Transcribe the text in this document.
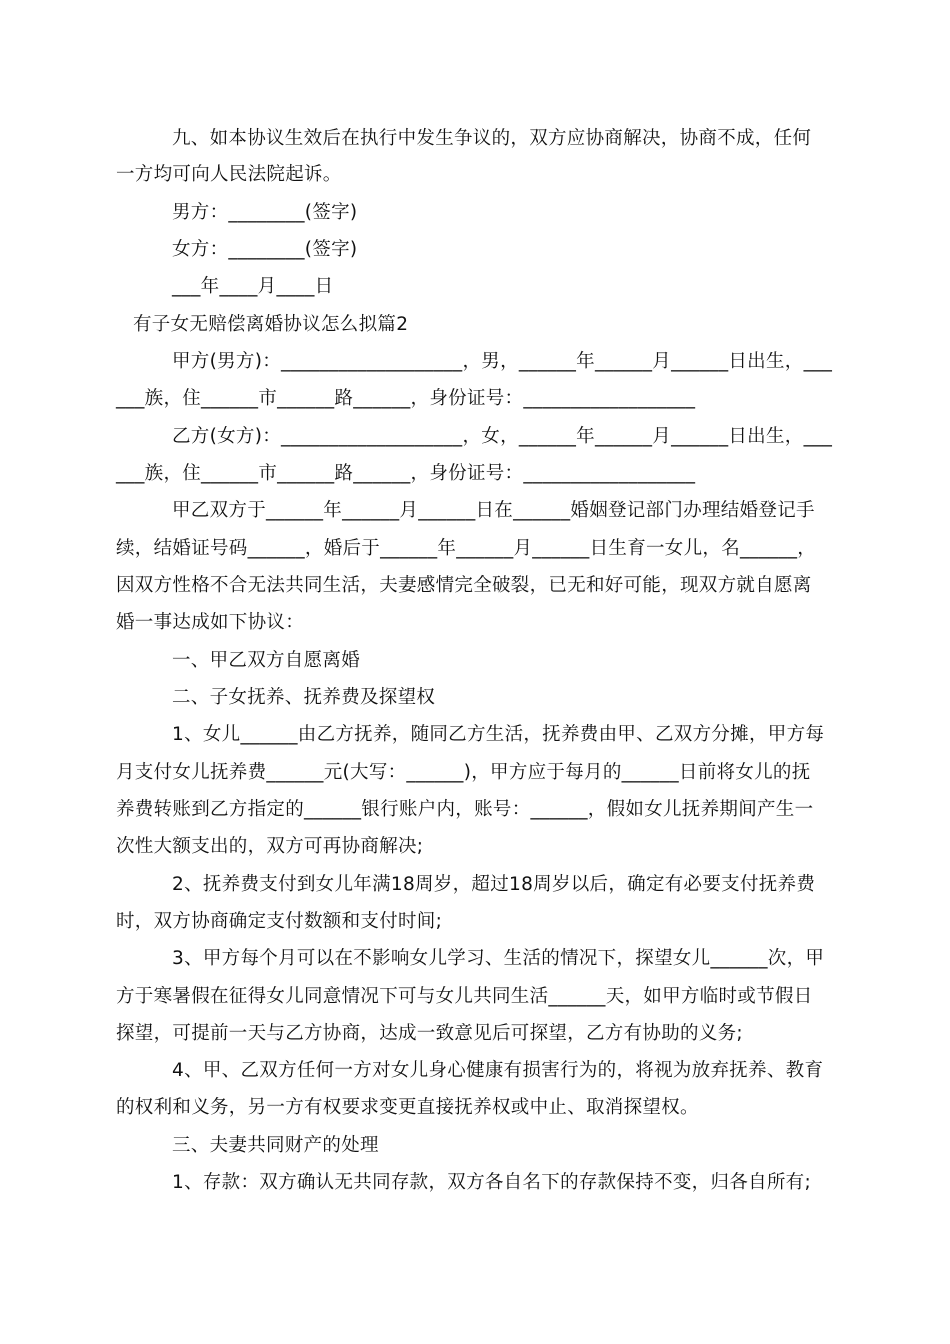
九、如本协议生效后在执行中发生争议的，双方应协商解决，协商不成，任何
一方均可向人民法院起诉。
男方：________(签字)
女方：________(签字)
___年____月____日
有子女无赔偿离婚协议怎么拟篇2
甲方(男方)：___________________，男，______年______月______日出生，___
___族，住______市______路______，身份证号：__________________
乙方(女方)：___________________，女，______年______月______日出生，___
___族，住______市______路______，身份证号：__________________
甲乙双方于______年______月______日在______婚姻登记部门办理结婚登记手
续，结婚证号码______，婚后于______年______月______日生育一女儿，名______，
因双方性格不合无法共同生活，夫妻感情完全破裂，已无和好可能，现双方就自愿离
婚一事达成如下协议：
一、甲乙双方自愿离婚
二、子女抚养、抚养费及探望权
1、女儿______由乙方抚养，随同乙方生活，抚养费由甲、乙双方分摊，甲方每
月支付女儿抚养费______元(大写：______)，甲方应于每月的______日前将女儿的抚
养费转账到乙方指定的______银行账户内，账号：______，假如女儿抚养期间产生一
次性大额支出的，双方可再协商解决;
2、抚养费支付到女儿年满18周岁，超过18周岁以后，确定有必要支付抚养费
时，双方协商确定支付数额和支付时间;
3、甲方每个月可以在不影响女儿学习、生活的情况下，探望女儿______次，甲
方于寒暑假在征得女儿同意情况下可与女儿共同生活______天，如甲方临时或节假日
探望，可提前一天与乙方协商，达成一致意见后可探望，乙方有协助的义务;
4、甲、乙双方任何一方对女儿身心健康有损害行为的，将视为放弃抚养、教育
的权利和义务，另一方有权要求变更直接抚养权或中止、取消探望权。
三、夫妻共同财产的处理
1、存款：双方确认无共同存款，双方各自名下的存款保持不变，归各自所有;
